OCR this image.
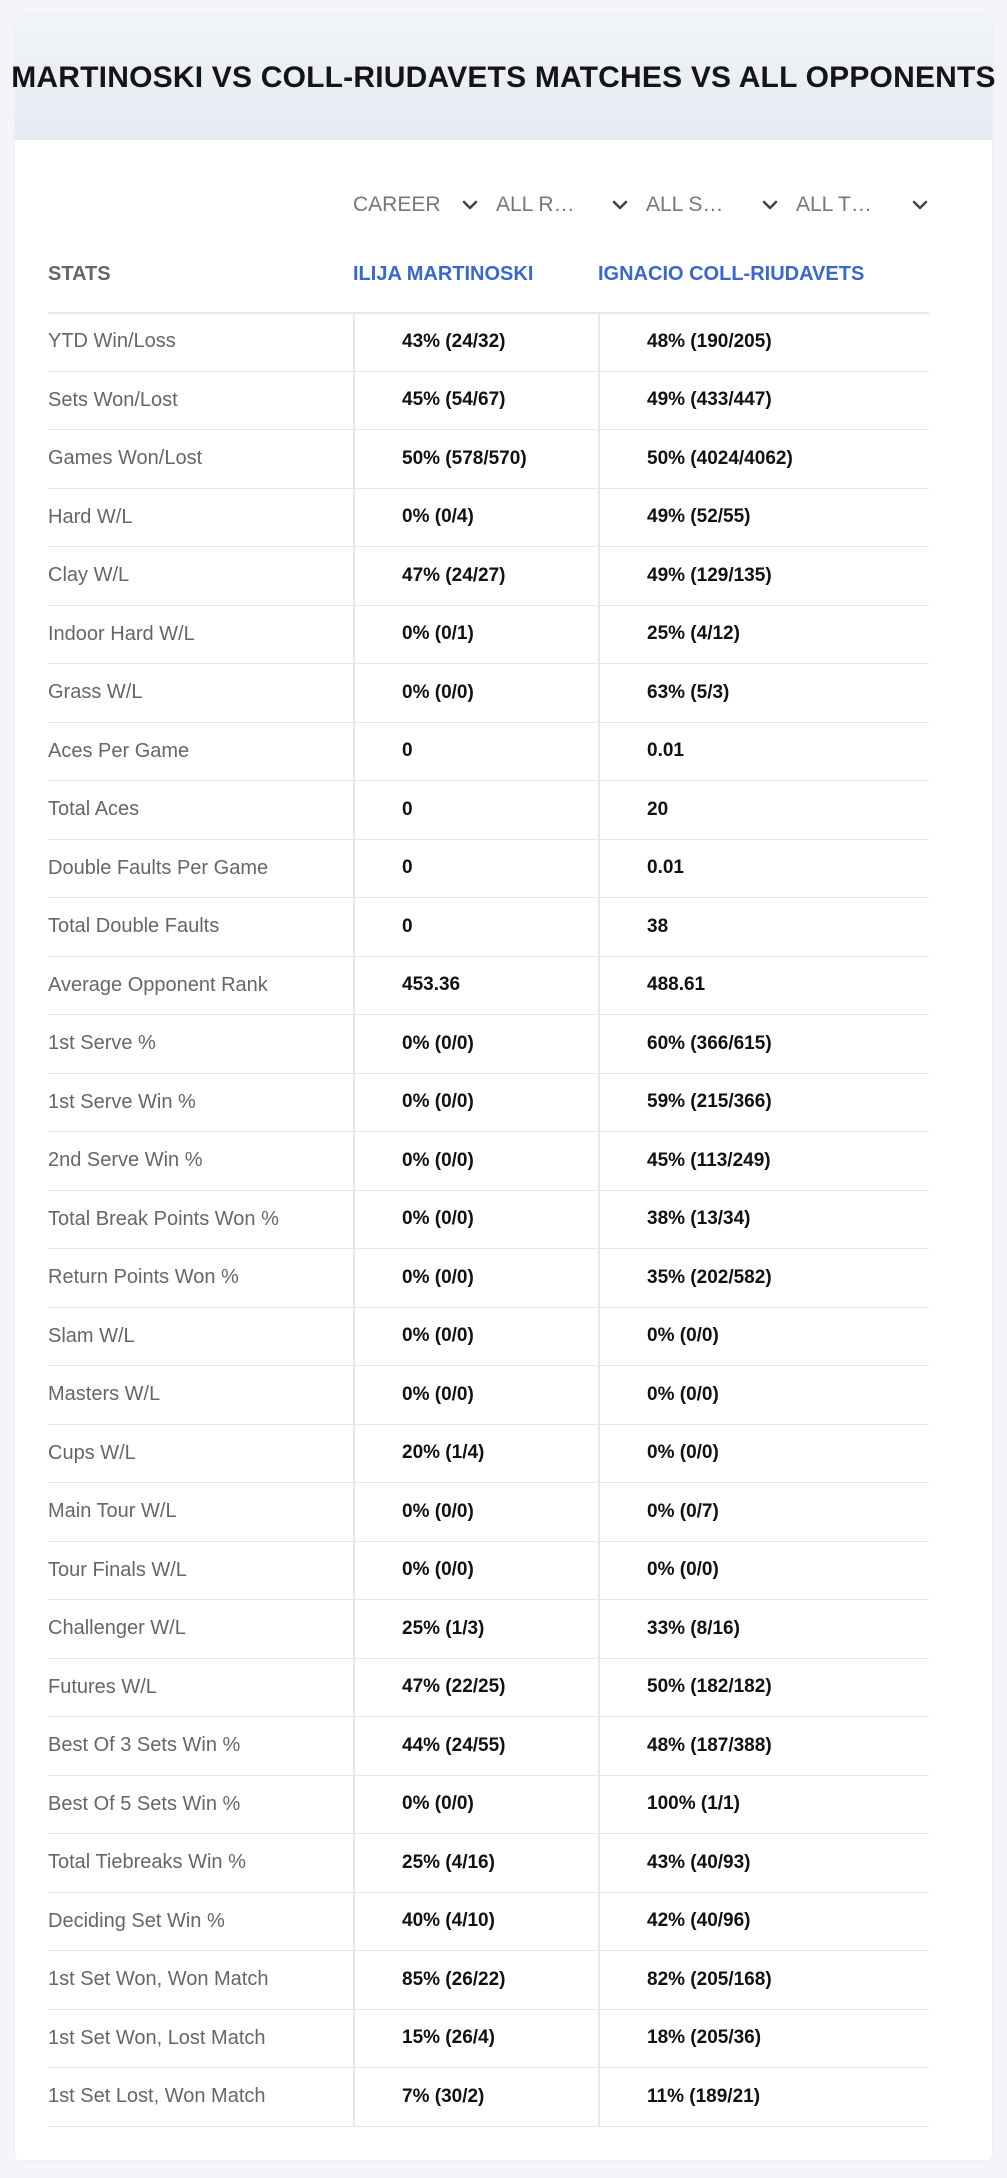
MARTINOSKI VS COLL-RIUDAVETS MATCHES VS ALL OPPONENTS
CAREER	ALL R…	ALL S…	ALL T…
STATS	ILIJA MARTINOSKI	IGNACIO COLL-RIUDAVETS
YTD Win/Loss	43% (24/32)	48% (190/205)
Sets Won/Lost	45% (54/67)	49% (433/447)
Games Won/Lost	50% (578/570)	50% (4024/4062)
Hard W/L	0% (0/4)	49% (52/55)
Clay W/L	47% (24/27)	49% (129/135)
Indoor Hard W/L	0% (0/1)	25% (4/12)
Grass W/L	0% (0/0)	63% (5/3)
Aces Per Game	0	0.01
Total Aces	0	20
Double Faults Per Game	0	0.01
Total Double Faults	0	38
Average Opponent Rank	453.36	488.61
1st Serve %	0% (0/0)	60% (366/615)
1st Serve Win %	0% (0/0)	59% (215/366)
2nd Serve Win %	0% (0/0)	45% (113/249)
Total Break Points Won %	0% (0/0)	38% (13/34)
Return Points Won %	0% (0/0)	35% (202/582)
Slam W/L	0% (0/0)	0% (0/0)
Masters W/L	0% (0/0)	0% (0/0)
Cups W/L	20% (1/4)	0% (0/0)
Main Tour W/L	0% (0/0)	0% (0/7)
Tour Finals W/L	0% (0/0)	0% (0/0)
Challenger W/L	25% (1/3)	33% (8/16)
Futures W/L	47% (22/25)	50% (182/182)
Best Of 3 Sets Win %	44% (24/55)	48% (187/388)
Best Of 5 Sets Win %	0% (0/0)	100% (1/1)
Total Tiebreaks Win %	25% (4/16)	43% (40/93)
Deciding Set Win %	40% (4/10)	42% (40/96)
1st Set Won, Won Match	85% (26/22)	82% (205/168)
1st Set Won, Lost Match	15% (26/4)	18% (205/36)
1st Set Lost, Won Match	7% (30/2)	11% (189/21)
